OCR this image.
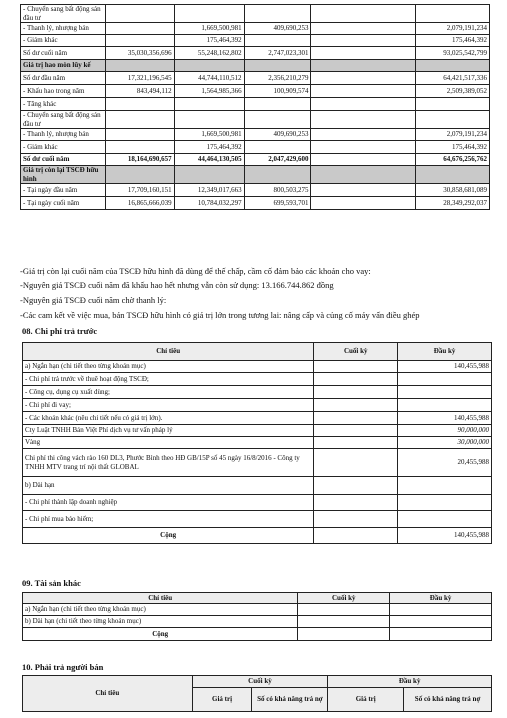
- Chuyển sang bất động sản đầu tư					
- Thanh lý, nhượng bán		1,669,500,981	409,690,253		2,079,191,234
- Giảm khác		175,464,392			175,464,392
Số dư cuối năm	35,030,356,696	55,248,162,802	2,747,023,301		93,025,542,799
Giá trị hao mòn lũy kế					
Số dư đầu năm	17,321,196,545	44,744,110,512	2,356,210,279		64,421,517,336
- Khấu hao trong năm	843,494,112	1,564,985,366	100,909,574		2,509,389,052
- Tăng khác					
- Chuyển sang bất động sản đầu tư					
- Thanh lý, nhượng bán		1,669,500,981	409,690,253		2,079,191,234
- Giảm khác		175,464,392			175,464,392
Số dư cuối năm	18,164,690,657	44,464,130,505	2,047,429,600		64,676,256,762
Giá trị còn lại TSCĐ hữu hình					
- Tại ngày đầu năm	17,709,160,151	12,349,017,663	800,503,275		30,858,681,089
- Tại ngày cuối năm	16,865,666,039	10,784,032,297	699,593,701		28,349,292,037
-Giá trị còn lại cuối năm của TSCĐ hữu hình đã dùng để thế chấp, cầm cố đảm bảo các khoản cho vay:
-Nguyên giá TSCĐ cuối năm đã khấu hao hết nhưng vẫn còn sử dụng: 13.166.744.862 đồng
-Nguyên giá TSCĐ cuối năm chờ thanh lý:
-Các cam kết về việc mua, bán TSCĐ hữu hình có giá trị lớn trong tương lai: nâng cấp và củng cố máy vấn điều ghép
08. Chi phí trả trước
Chỉ tiêu	Cuối kỳ	Đầu kỳ
a) Ngắn hạn (chi tiết theo từng khoản mục)		140,455,988
- Chi phí trả trước về thuê hoạt động TSCĐ;		
- Công cụ, dụng cụ xuất dùng;		
- Chi phí đi vay;		
- Các khoản khác (nêu chi tiết nếu có giá trị lớn).		140,455,988
Cty Luật TNHH Bản Việt Phí dịch vụ tư vấn pháp lý		90,000,000
Vàng		30,000,000
Chi phí thi công vách rào 160 DL3, Phước Bình theo HĐ GB/15P số 45 ngày 16/8/2016 - Công ty TNHH MTV trang trí nội thất GLOBAL		20,455,988
b) Dài hạn		
- Chi phí thành lập doanh nghiệp		
- Chi phí mua bảo hiểm;		
Cộng		140,455,988
09. Tài sản khác
Chỉ tiêu	Cuối kỳ	Đầu kỳ
a) Ngắn hạn (chi tiết theo từng khoản mục)		
b) Dài hạn (chi tiết theo từng khoản mục)		
Cộng		
10. Phải trả người bán
Chỉ tiêu	Cuối kỳ		Đầu kỳ	
	Giá trị	Số có khả năng trả nợ	Giá trị	Số có khả năng trả nợ
